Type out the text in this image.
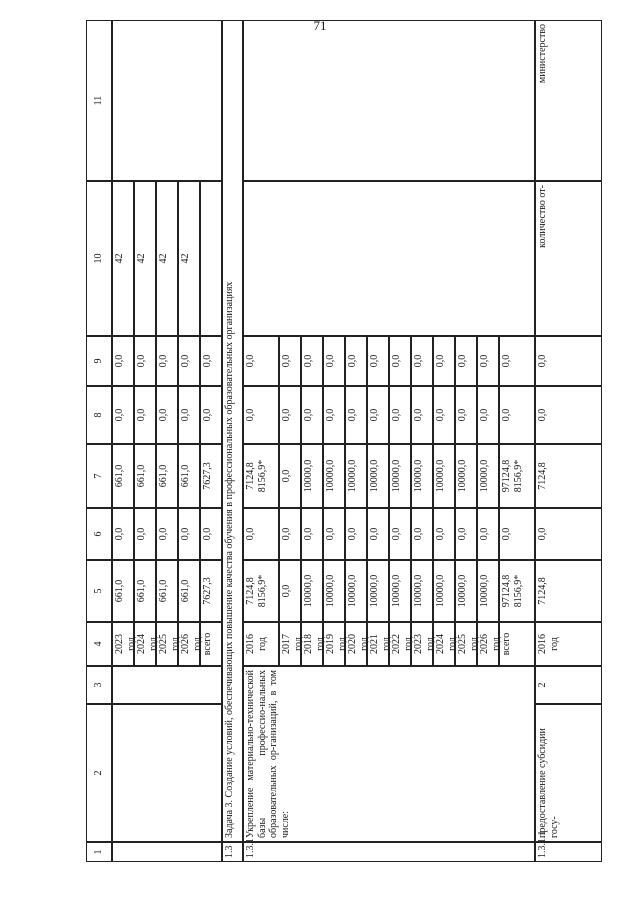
71
1
2
3
4
5
6
7
8
9
10
11
2023 год
661,0
0,0
661,0
0,0
0,0
42
2024 год
661,0
0,0
661,0
0,0
0,0
42
2025 год
661,0
0,0
661,0
0,0
0,0
42
2026 год
661,0
0,0
661,0
0,0
0,0
42
всего
7627,3
0,0
7627,3
0,0
0,0
1.3
Задача 3. Создание условий, обеспечивающих повышение качества обучения в профессиональных образовательных организациях
1.3.1
Укрепление материально-технической базы профессио-нальных образовательных ор-ганизаций, в том числе:
2016 год
7124,8 8156,9*
0,0
7124,8 8156,9*
0,0
0,0
2017 год
0,0
0,0
0,0
0,0
0,0
2018 год
10000,0
0,0
10000,0
0,0
0,0
2019 год
10000,0
0,0
10000,0
0,0
0,0
2020 год
10000,0
0,0
10000,0
0,0
0,0
2021 год
10000,0
0,0
10000,0
0,0
0,0
2022 год
10000,0
0,0
10000,0
0,0
0,0
2023 год
10000,0
0,0
10000,0
0,0
0,0
2024 год
10000,0
0,0
10000,0
0,0
0,0
2025 год
10000,0
0,0
10000,0
0,0
0,0
2026 год
10000,0
0,0
10000,0
0,0
0,0
всего
97124,8 8156,9*
0,0
97124,8 8156,9*
0,0
0,0
1.3.1.1
предоставление субсидии госу-
2
2016 год
7124,8
0,0
7124,8
0,0
0,0
количество от-
министерство
